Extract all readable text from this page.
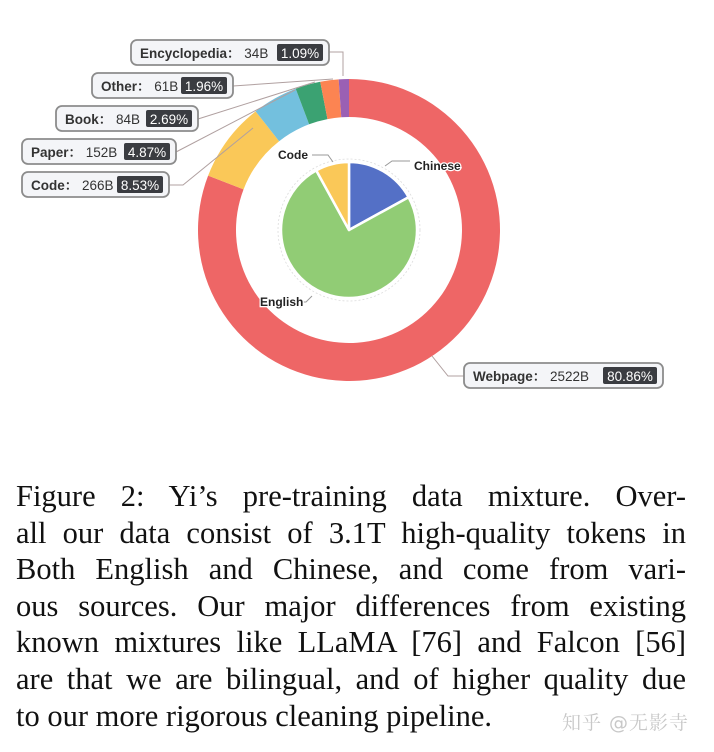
Chinese
English
Code
Webpage： 2522B 80.86%
Code： 266B 8.53%
Paper： 152B 4.87%
Book： 84B 2.69%
Other： 61B 1.96%
Encyclopedia： 34B 1.09%
Figure 2: Yi’s pre-training data mixture. Over-
all our data consist of 3.1T high-quality tokens in
Both English and Chinese, and come from vari-
ous sources. Our major differences from existing
known mixtures like LLaMA [76] and Falcon [56]
are that we are bilingual, and of higher quality due
to our more rigorous cleaning pipeline.	知乎 @无影寺
